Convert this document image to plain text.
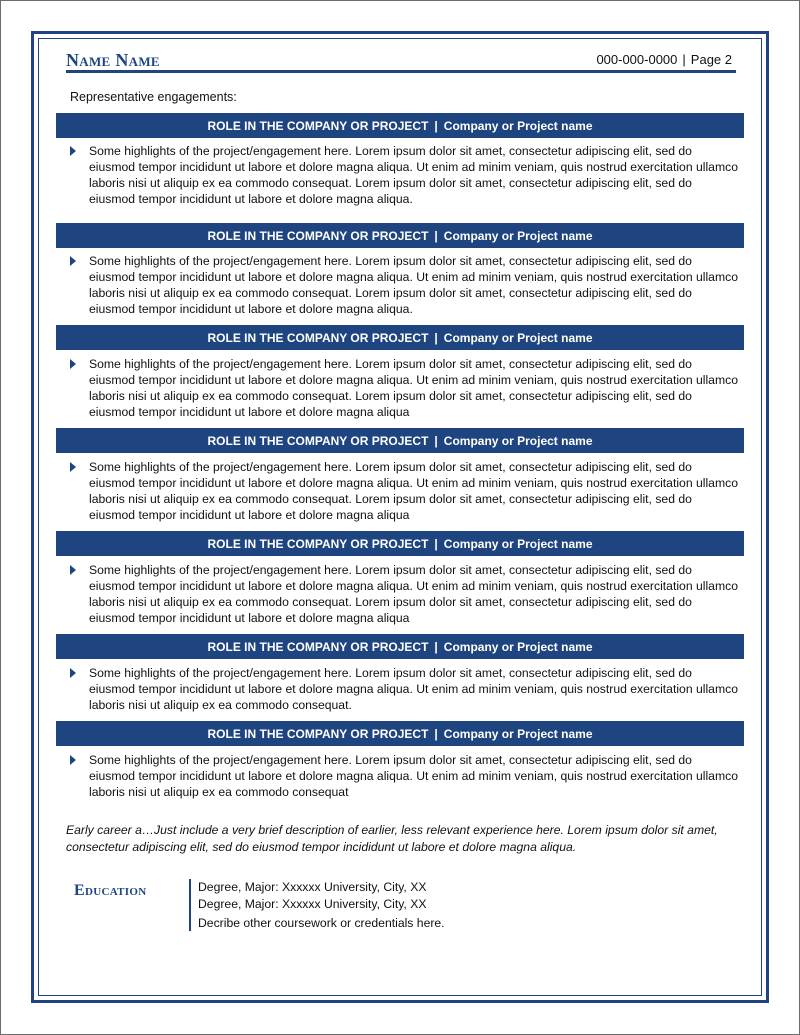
Name Name	000-000-0000 | Page 2
Representative engagements:
ROLE IN THE COMPANY OR PROJECT | Company or Project name
Some highlights of the project/engagement here. Lorem ipsum dolor sit amet, consectetur adipiscing elit, sed do eiusmod tempor incididunt ut labore et dolore magna aliqua. Ut enim ad minim veniam, quis nostrud exercitation ullamco laboris nisi ut aliquip ex ea commodo consequat. Lorem ipsum dolor sit amet, consectetur adipiscing elit, sed do eiusmod tempor incididunt ut labore et dolore magna aliqua.
ROLE IN THE COMPANY OR PROJECT | Company or Project name
Some highlights of the project/engagement here. Lorem ipsum dolor sit amet, consectetur adipiscing elit, sed do eiusmod tempor incididunt ut labore et dolore magna aliqua. Ut enim ad minim veniam, quis nostrud exercitation ullamco laboris nisi ut aliquip ex ea commodo consequat. Lorem ipsum dolor sit amet, consectetur adipiscing elit, sed do eiusmod tempor incididunt ut labore et dolore magna aliqua.
ROLE IN THE COMPANY OR PROJECT | Company or Project name
Some highlights of the project/engagement here. Lorem ipsum dolor sit amet, consectetur adipiscing elit, sed do eiusmod tempor incididunt ut labore et dolore magna aliqua. Ut enim ad minim veniam, quis nostrud exercitation ullamco laboris nisi ut aliquip ex ea commodo consequat. Lorem ipsum dolor sit amet, consectetur adipiscing elit, sed do eiusmod tempor incididunt ut labore et dolore magna aliqua
ROLE IN THE COMPANY OR PROJECT | Company or Project name
Some highlights of the project/engagement here. Lorem ipsum dolor sit amet, consectetur adipiscing elit, sed do eiusmod tempor incididunt ut labore et dolore magna aliqua. Ut enim ad minim veniam, quis nostrud exercitation ullamco laboris nisi ut aliquip ex ea commodo consequat. Lorem ipsum dolor sit amet, consectetur adipiscing elit, sed do eiusmod tempor incididunt ut labore et dolore magna aliqua
ROLE IN THE COMPANY OR PROJECT | Company or Project name
Some highlights of the project/engagement here. Lorem ipsum dolor sit amet, consectetur adipiscing elit, sed do eiusmod tempor incididunt ut labore et dolore magna aliqua. Ut enim ad minim veniam, quis nostrud exercitation ullamco laboris nisi ut aliquip ex ea commodo consequat. Lorem ipsum dolor sit amet, consectetur adipiscing elit, sed do eiusmod tempor incididunt ut labore et dolore magna aliqua
ROLE IN THE COMPANY OR PROJECT | Company or Project name
Some highlights of the project/engagement here. Lorem ipsum dolor sit amet, consectetur adipiscing elit, sed do eiusmod tempor incididunt ut labore et dolore magna aliqua. Ut enim ad minim veniam, quis nostrud exercitation ullamco laboris nisi ut aliquip ex ea commodo consequat.
ROLE IN THE COMPANY OR PROJECT | Company or Project name
Some highlights of the project/engagement here. Lorem ipsum dolor sit amet, consectetur adipiscing elit, sed do eiusmod tempor incididunt ut labore et dolore magna aliqua. Ut enim ad minim veniam, quis nostrud exercitation ullamco laboris nisi ut aliquip ex ea commodo consequat
Early career a…Just include a very brief description of earlier, less relevant experience here. Lorem ipsum dolor sit amet, consectetur adipiscing elit, sed do eiusmod tempor incididunt ut labore et dolore magna aliqua.
Education	Degree, Major: Xxxxxx University, City, XX
Degree, Major: Xxxxxx University, City, XX
Decribe other coursework or credentials here.
